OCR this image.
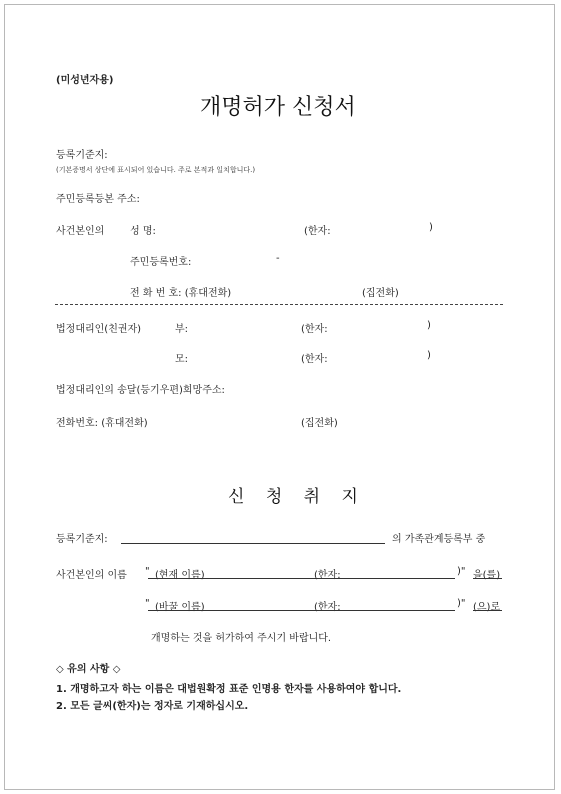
(미성년자용)
개명허가 신청서
등록기준지:
(기본증명서 상단에 표시되어 있습니다. 주로 본적과 일치합니다.)
주민등록등본 주소:
사건본인의	성 명:	(한자:	)
주민등록번호:	-
전 화 번 호: (휴대전화)	(집전화)
법정대리인(친권자)	부:	(한자:	)
모:	(한자:	)
법정대리인의 송달(등기우편)희망주소:
전화번호: (휴대전화)	(집전화)
신 청 취 지
등록기준지:	의 가족관계등록부 중
사건본인의 이름 " (현재 이름)	(한자:	)" 을(를)
" (바꿀 이름)	(한자:	)" (으)로
개명하는 것을 허가하여 주시기 바랍니다.
◇ 유의 사항 ◇
1. 개명하고자 하는 이름은 대법원확정 표준 인명용 한자를 사용하여야 합니다.
2. 모든 글씨(한자)는 정자로 기재하십시오.
